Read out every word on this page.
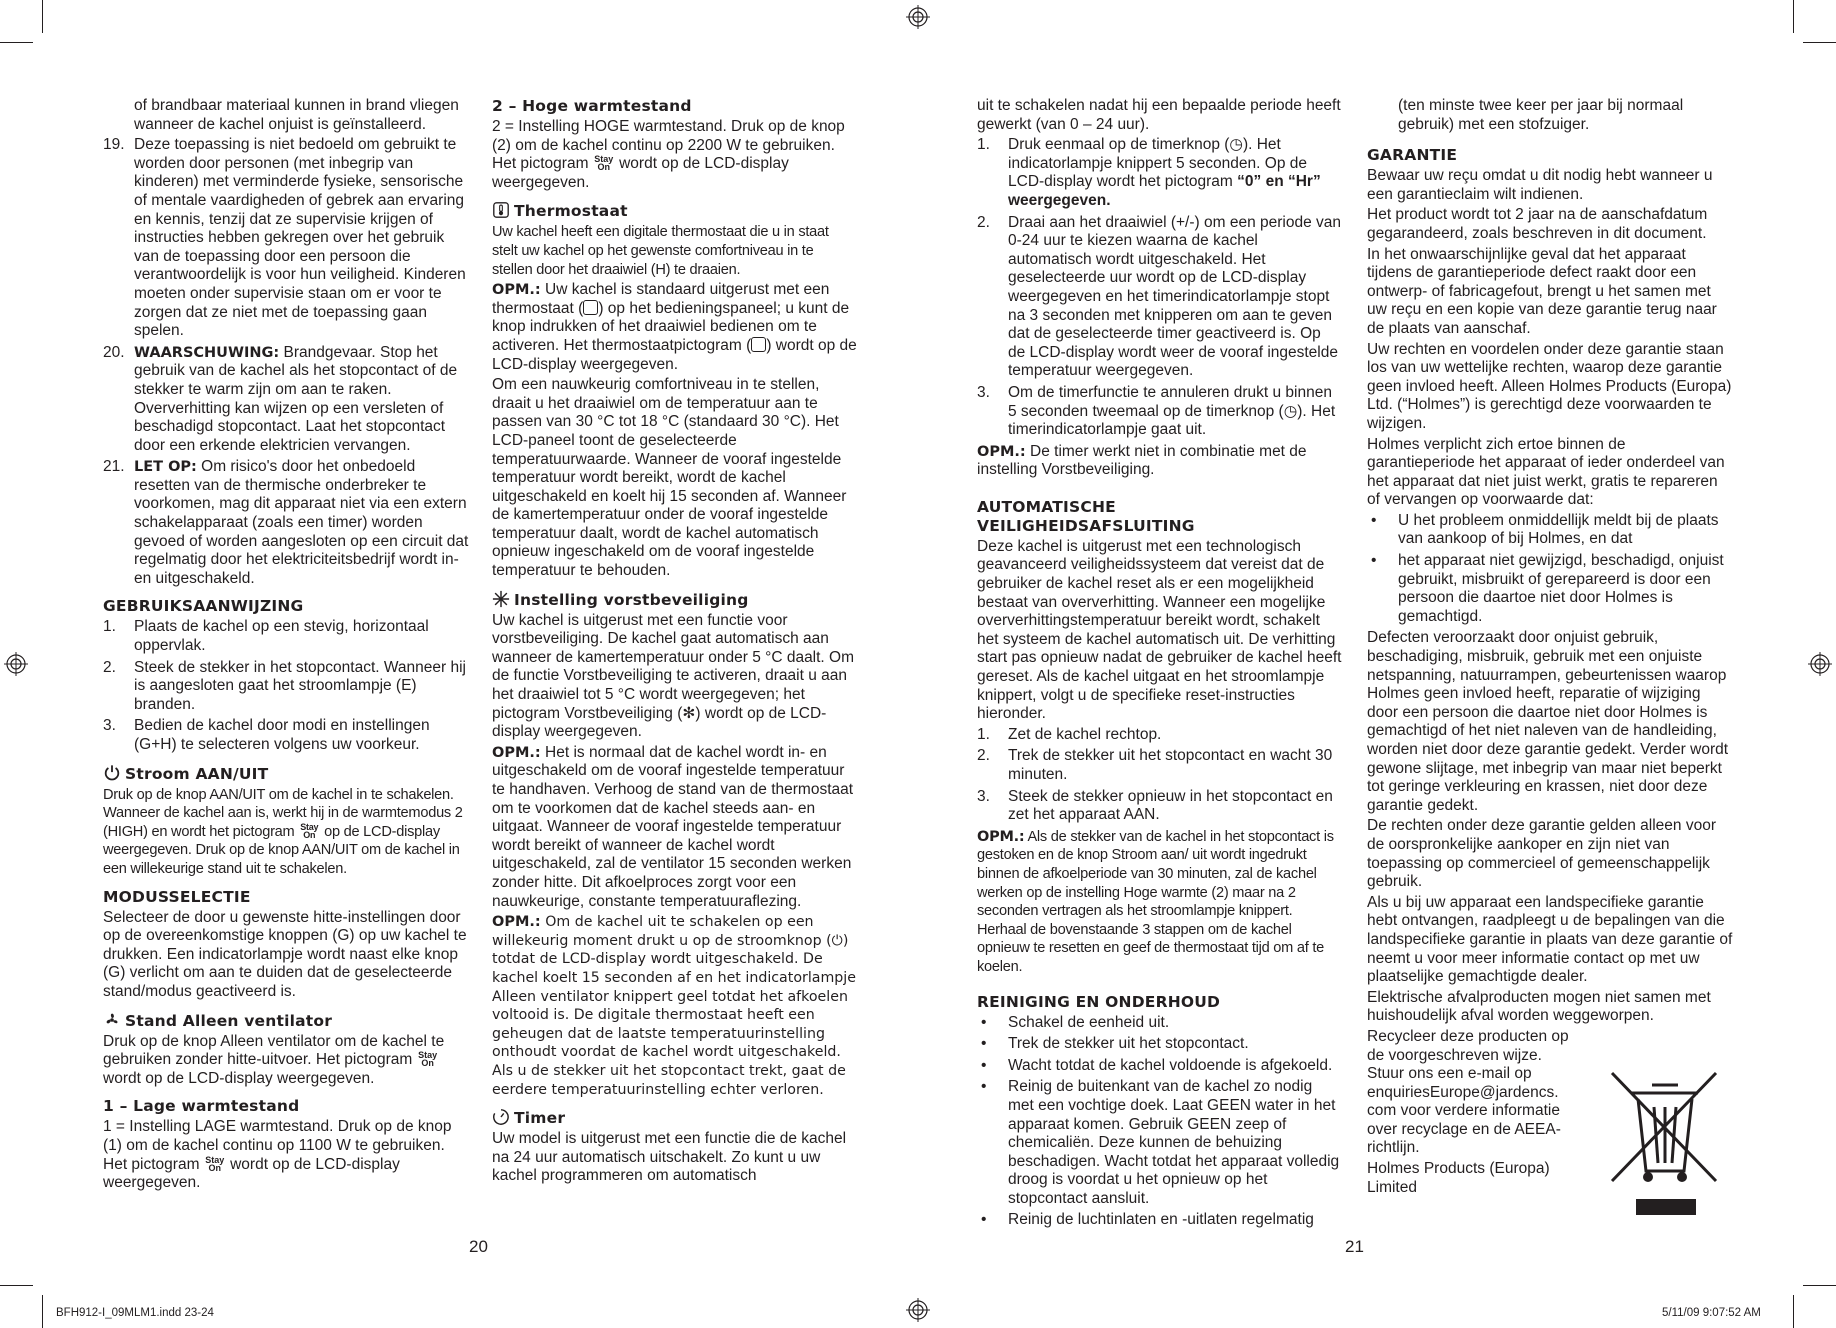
of brandbaar materiaal kunnen in brand vliegen wanneer de kachel onjuist is geïnstalleerd.

19. Deze toepassing is niet bedoeld om gebruikt te worden door personen (met inbegrip van kinderen) met verminderde fysieke, sensorische of mentale vaardigheden of gebrek aan ervaring en kennis, tenzij dat ze supervisie krijgen of instructies hebben gekregen over het gebruik van de toepassing door een persoon die verantwoordelijk is voor hun veiligheid. Kinderen moeten onder supervisie staan om er voor te zorgen dat ze niet met de toepassing gaan spelen.
20. WAARSCHUWING: Brandgevaar. Stop het gebruik van de kachel als het stopcontact of de stekker te warm zijn om aan te raken. Oververhitting kan wijzen op een versleten of beschadigd stopcontact. Laat het stopcontact door een erkende elektricien vervangen.
21. LET OP: Om risico's door het onbedoeld resetten van de thermische onderbreker te voorkomen, mag dit apparaat niet via een extern schakelapparaat (zoals een timer) worden gevoed of worden aangesloten op een circuit dat regelmatig door het elektriciteitsbedrijf wordt in- en uitgeschakeld.
GEBRUIKSAANWIJZING
1. Plaats de kachel op een stevig, horizontaal oppervlak.
2. Steek de stekker in het stopcontact. Wanneer hij is aangesloten gaat het stroomlampje (E) branden.
3. Bedien de kachel door modi en instellingen (G+H) te selecteren volgens uw voorkeur.
Stroom AAN/UIT

Druk op de knop AAN/UIT om de kachel in te schakelen. Wanneer de kachel aan is, werkt hij in de warmtemodus 2 (HIGH) en wordt het pictogram Stay
On op de LCD-display weergegeven. Druk op de knop AAN/UIT om de kachel in een willekeurige stand uit te schakelen.

MODUSSELECTIE

Selecteer de door u gewenste hitte-instellingen door op de overeenkomstige knoppen (G) op uw kachel te drukken. Een indicatorlampje wordt naast elke knop (G) verlicht om aan te duiden dat de geselecteerde stand/modus geactiveerd is.

Stand Alleen ventilator

Druk op de knop Alleen ventilator om de kachel te gebruiken zonder hitte-uitvoer. Het pictogram Stay
On wordt op de LCD-display weergegeven.

1 – Lage warmtestand

1 = Instelling LAGE warmtestand. Druk op de knop (1) om de kachel continu op 1100 W te gebruiken. Het pictogram Stay
On wordt op de LCD-display weergegeven.

20
2 – Hoge warmtestand

2 = Instelling HOGE warmtestand. Druk op de knop (2) om de kachel continu op 2200 W te gebruiken. Het pictogram Stay
On wordt op de LCD-display weergegeven.

Thermostaat

Uw kachel heeft een digitale thermostaat die u in staat stelt uw kachel op het gewenste comfortniveau in te stellen door het draaiwiel (H) te draaien.

OPM.: Uw kachel is standaard uitgerust met een thermostaat ( ) op het bedieningspaneel; u kunt de knop indrukken of het draaiwiel bedienen om te activeren. Het thermostaatpictogram ( ) wordt op de LCD-display weergegeven.

Om een nauwkeurig comfortniveau in te stellen, draait u het draaiwiel om de temperatuur aan te passen van 30 °C tot 18 °C (standaard 30 °C). Het LCD-paneel toont de geselecteerde temperatuurwaarde. Wanneer de vooraf ingestelde temperatuur wordt bereikt, wordt de kachel uitgeschakeld en koelt hij 15 seconden af. Wanneer de kamertemperatuur onder de vooraf ingestelde temperatuur daalt, wordt de kachel automatisch opnieuw ingeschakeld om de vooraf ingestelde temperatuur te behouden.

Instelling vorstbeveiliging

Uw kachel is uitgerust met een functie voor vorstbeveiliging. De kachel gaat automatisch aan wanneer de kamertemperatuur onder 5 °C daalt. Om de functie Vorstbeveiliging te activeren, draait u aan het draaiwiel tot 5 °C wordt weergegeven; het pictogram Vorstbeveiliging (✻) wordt op de LCD-display weergegeven.

OPM.: Het is normaal dat de kachel wordt in- en uitgeschakeld om de vooraf ingestelde temperatuur te handhaven. Verhoog de stand van de thermostaat om te voorkomen dat de kachel steeds aan- en uitgaat. Wanneer de vooraf ingestelde temperatuur wordt bereikt of wanneer de kachel wordt uitgeschakeld, zal de ventilator 15 seconden werken zonder hitte. Dit afkoelproces zorgt voor een nauwkeurige, constante temperatuuraflezing.

OPM.: Om de kachel uit te schakelen op een willekeurig moment drukt u op de stroomknop (⏻) totdat de LCD-display wordt uitgeschakeld. De kachel koelt 15 seconden af en het indicatorlampje Alleen ventilator knippert geel totdat het afkoelen voltooid is. De digitale thermostaat heeft een geheugen dat de laatste temperatuurinstelling onthoudt voordat de kachel wordt uitgeschakeld. Als u de stekker uit het stopcontact trekt, gaat de eerdere temperatuurinstelling echter verloren.

Timer

Uw model is uitgerust met een functie die de kachel na 24 uur automatisch uitschakelt. Zo kunt u uw kachel programmeren om automatisch

uit te schakelen nadat hij een bepaalde periode heeft gewerkt (van 0 – 24 uur).

1. Druk eenmaal op de timerknop (◷). Het indicatorlampje knippert 5 seconden. Op de LCD-display wordt het pictogram “0” en “Hr” weergegeven.
2. Draai aan het draaiwiel (+/-) om een periode van 0-24 uur te kiezen waarna de kachel automatisch wordt uitgeschakeld. Het geselecteerde uur wordt op de LCD-display weergegeven en het timerindicatorlampje stopt na 3 seconden met knipperen om aan te geven dat de geselecteerde timer geactiveerd is. Op de LCD-display wordt weer de vooraf ingestelde temperatuur weergegeven.
3. Om de timerfunctie te annuleren drukt u binnen 5 seconden tweemaal op de timerknop (◷). Het timerindicatorlampje gaat uit.

OPM.: De timer werkt niet in combinatie met de instelling Vorstbeveiliging.

AUTOMATISCHE
VEILIGHEIDSAFSLUITING

Deze kachel is uitgerust met een technologisch geavanceerd veiligheidssysteem dat vereist dat de gebruiker de kachel reset als er een mogelijkheid bestaat van oververhitting. Wanneer een mogelijke oververhittingstemperatuur bereikt wordt, schakelt het systeem de kachel automatisch uit. De verhitting start pas opnieuw nadat de gebruiker de kachel heeft gereset. Als de kachel uitgaat en het stroomlampje knippert, volgt u de specifieke reset-instructies hieronder.

1. Zet de kachel rechtop.
2. Trek de stekker uit het stopcontact en wacht 30 minuten.
3. Steek de stekker opnieuw in het stopcontact en zet het apparaat AAN.

OPM.: Als de stekker van de kachel in het stopcontact is gestoken en de knop Stroom aan/ uit wordt ingedrukt binnen de afkoelperiode van 30 minuten, zal de kachel werken op de instelling Hoge warmte (2) maar na 2 seconden vertragen als het stroomlampje knippert. Herhaal de bovenstaande 3 stappen om de kachel opnieuw te resetten en geef de thermostaat tijd om af te koelen.

REINIGING EN ONDERHOUD
• Schakel de eenheid uit.
• Trek de stekker uit het stopcontact.
• Wacht totdat de kachel voldoende is afgekoeld.
• Reinig de buitenkant van de kachel zo nodig met een vochtige doek. Laat GEEN water in het apparaat komen. Gebruik GEEN zeep of chemicaliën. Deze kunnen de behuizing beschadigen. Wacht totdat het apparaat volledig droog is voordat u het opnieuw op het stopcontact aansluit.
• Reinig de luchtinlaten en -uitlaten regelmatig
21

(ten minste twee keer per jaar bij normaal gebruik) met een stofzuiger.

GARANTIE

Bewaar uw reçu omdat u dit nodig hebt wanneer u een garantieclaim wilt indienen.

Het product wordt tot 2 jaar na de aanschafdatum gegarandeerd, zoals beschreven in dit document.

In het onwaarschijnlijke geval dat het apparaat tijdens de garantieperiode defect raakt door een ontwerp- of fabricagefout, brengt u het samen met uw reçu en een kopie van deze garantie terug naar de plaats van aanschaf.

Uw rechten en voordelen onder deze garantie staan los van uw wettelijke rechten, waarop deze garantie geen invloed heeft. Alleen Holmes Products (Europa) Ltd. (“Holmes”) is gerechtigd deze voorwaarden te wijzigen.

Holmes verplicht zich ertoe binnen de garantieperiode het apparaat of ieder onderdeel van het apparaat dat niet juist werkt, gratis te repareren of vervangen op voorwaarde dat:

• U het probleem onmiddellijk meldt bij de plaats van aankoop of bij Holmes, en dat
• het apparaat niet gewijzigd, beschadigd, onjuist gebruikt, misbruikt of gerepareerd is door een persoon die daartoe niet door Holmes is gemachtigd.

Defecten veroorzaakt door onjuist gebruik, beschadiging, misbruik, gebruik met een onjuiste netspanning, natuurrampen, gebeurtenissen waarop Holmes geen invloed heeft, reparatie of wijziging door een persoon die daartoe niet door Holmes is gemachtigd of het niet naleven van de handleiding, worden niet door deze garantie gedekt. Verder wordt gewone slijtage, met inbegrip van maar niet beperkt tot geringe verkleuring en krassen, niet door deze garantie gedekt.

De rechten onder deze garantie gelden alleen voor de oorspronkelijke aankoper en zijn niet van toepassing op commercieel of gemeenschappelijk gebruik.

Als u bij uw apparaat een landspecifieke garantie hebt ontvangen, raadpleegt u de bepalingen van die landspecifieke garantie in plaats van deze garantie of neemt u voor meer informatie contact op met uw plaatselijke gemachtigde dealer.

Elektrische afvalproducten mogen niet samen met huishoudelijk afval worden weggeworpen.

Recycleer deze producten op de voorgeschreven wijze. Stuur ons een e-mail op enquiriesEurope@jardencs. com voor verdere informatie over recyclage en de AEEA-richtlijn.

Holmes Products (Europa) Limited

BFH912-I_09MLM1.indd 23-24	5/11/09 9:07:52 AM
